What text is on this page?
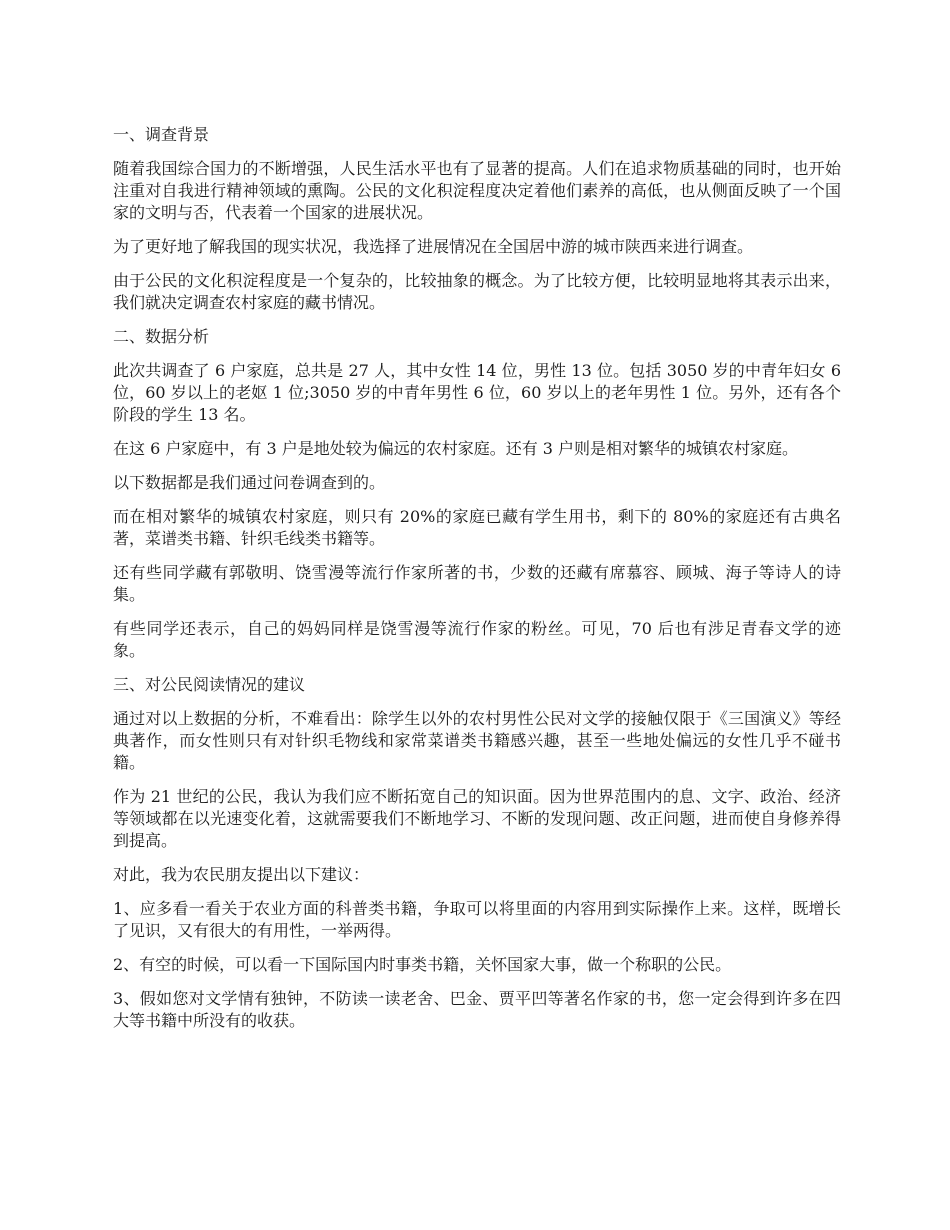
一、调查背景

随着我国综合国力的不断增强，人民生活水平也有了显著的提高。人们在追求物质基础的同时，也开始注重对自我进行精神领域的熏陶。公民的文化积淀程度决定着他们素养的高低，也从侧面反映了一个国家的文明与否，代表着一个国家的进展状况。

为了更好地了解我国的现实状况，我选择了进展情况在全国居中游的城市陕西来进行调查。

由于公民的文化积淀程度是一个复杂的，比较抽象的概念。为了比较方便，比较明显地将其表示出来，我们就决定调查农村家庭的藏书情况。

二、数据分析

此次共调查了 6 户家庭，总共是 27 人，其中女性 14 位，男性 13 位。包括 3050 岁的中青年妇女 6 位，60 岁以上的老妪 1 位;3050 岁的中青年男性 6 位，60 岁以上的老年男性 1 位。另外，还有各个阶段的学生 13 名。

在这 6 户家庭中，有 3 户是地处较为偏远的农村家庭。还有 3 户则是相对繁华的城镇农村家庭。

以下数据都是我们通过问卷调查到的。

而在相对繁华的城镇农村家庭，则只有 20%的家庭已藏有学生用书，剩下的 80%的家庭还有古典名著，菜谱类书籍、针织毛线类书籍等。

还有些同学藏有郭敬明、饶雪漫等流行作家所著的书，少数的还藏有席慕容、顾城、海子等诗人的诗集。

有些同学还表示，自己的妈妈同样是饶雪漫等流行作家的粉丝。可见，70 后也有涉足青春文学的迹象。

三、对公民阅读情况的建议

通过对以上数据的分析，不难看出：除学生以外的农村男性公民对文学的接触仅限于《三国演义》等经典著作，而女性则只有对针织毛物线和家常菜谱类书籍感兴趣，甚至一些地处偏远的女性几乎不碰书籍。

作为 21 世纪的公民，我认为我们应不断拓宽自己的知识面。因为世界范围内的息、文字、政治、经济等领域都在以光速变化着，这就需要我们不断地学习、不断的发现问题、改正问题，进而使自身修养得到提高。

对此，我为农民朋友提出以下建议：

1、应多看一看关于农业方面的科普类书籍，争取可以将里面的内容用到实际操作上来。这样，既增长了见识，又有很大的有用性，一举两得。

2、有空的时候，可以看一下国际国内时事类书籍，关怀国家大事，做一个称职的公民。

3、假如您对文学情有独钟，不防读一读老舍、巴金、贾平凹等著名作家的书，您一定会得到许多在四大等书籍中所没有的收获。
